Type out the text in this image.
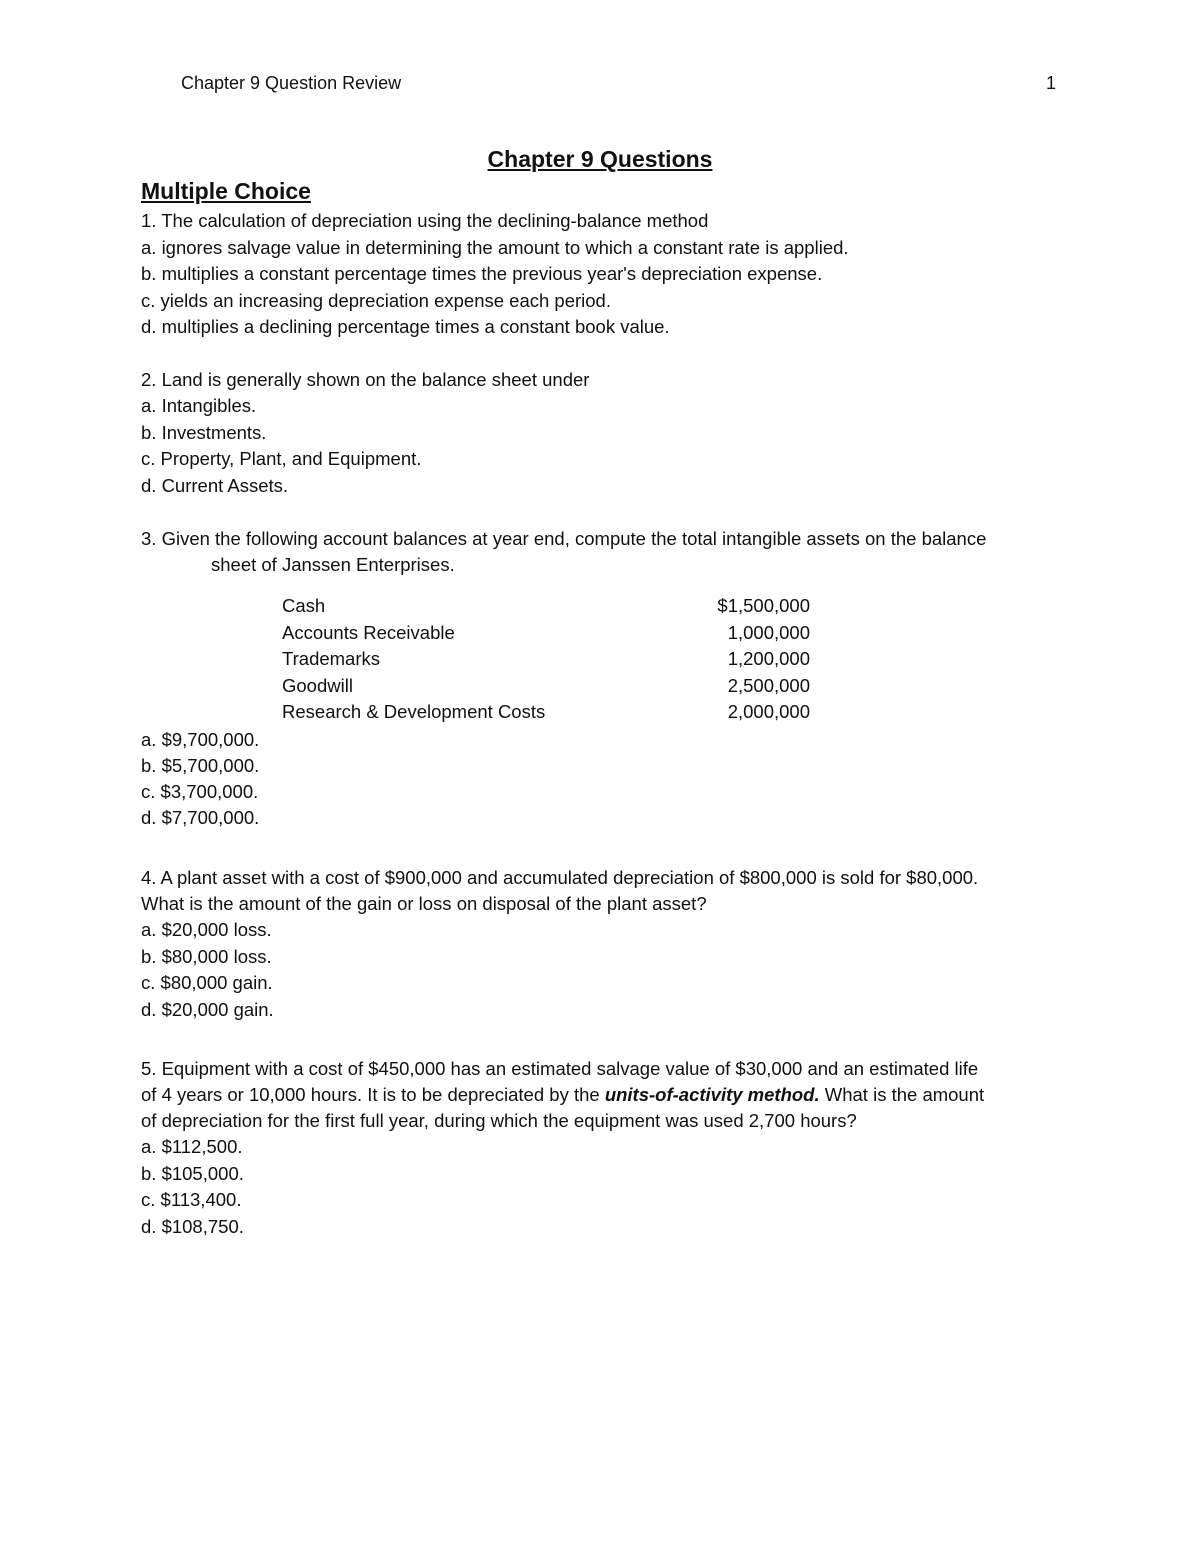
Chapter 9 Question Review	1
Chapter 9 Questions
Multiple Choice
1. The calculation of depreciation using the declining-balance method
a. ignores salvage value in determining the amount to which a constant rate is applied.
b. multiplies a constant percentage times the previous year's depreciation expense.
c. yields an increasing depreciation expense each period.
d. multiplies a declining percentage times a constant book value.
2. Land is generally shown on the balance sheet under
a. Intangibles.
b. Investments.
c. Property, Plant, and Equipment.
d. Current Assets.
3. Given the following account balances at year end, compute the total intangible assets on the balance
sheet of Janssen Enterprises.
Cash	$1,500,000
Accounts Receivable	1,000,000
Trademarks	1,200,000
Goodwill	2,500,000
Research & Development Costs	2,000,000
a. $9,700,000.
b. $5,700,000.
c. $3,700,000.
d. $7,700,000.
4. A plant asset with a cost of $900,000 and accumulated depreciation of $800,000 is sold for $80,000.
What is the amount of the gain or loss on disposal of the plant asset?
a. $20,000 loss.
b. $80,000 loss.
c. $80,000 gain.
d. $20,000 gain.
5. Equipment with a cost of $450,000 has an estimated salvage value of $30,000 and an estimated life
of 4 years or 10,000 hours. It is to be depreciated by the units-of-activity method. What is the amount
of depreciation for the first full year, during which the equipment was used 2,700 hours?
a. $112,500.
b. $105,000.
c. $113,400.
d. $108,750.
